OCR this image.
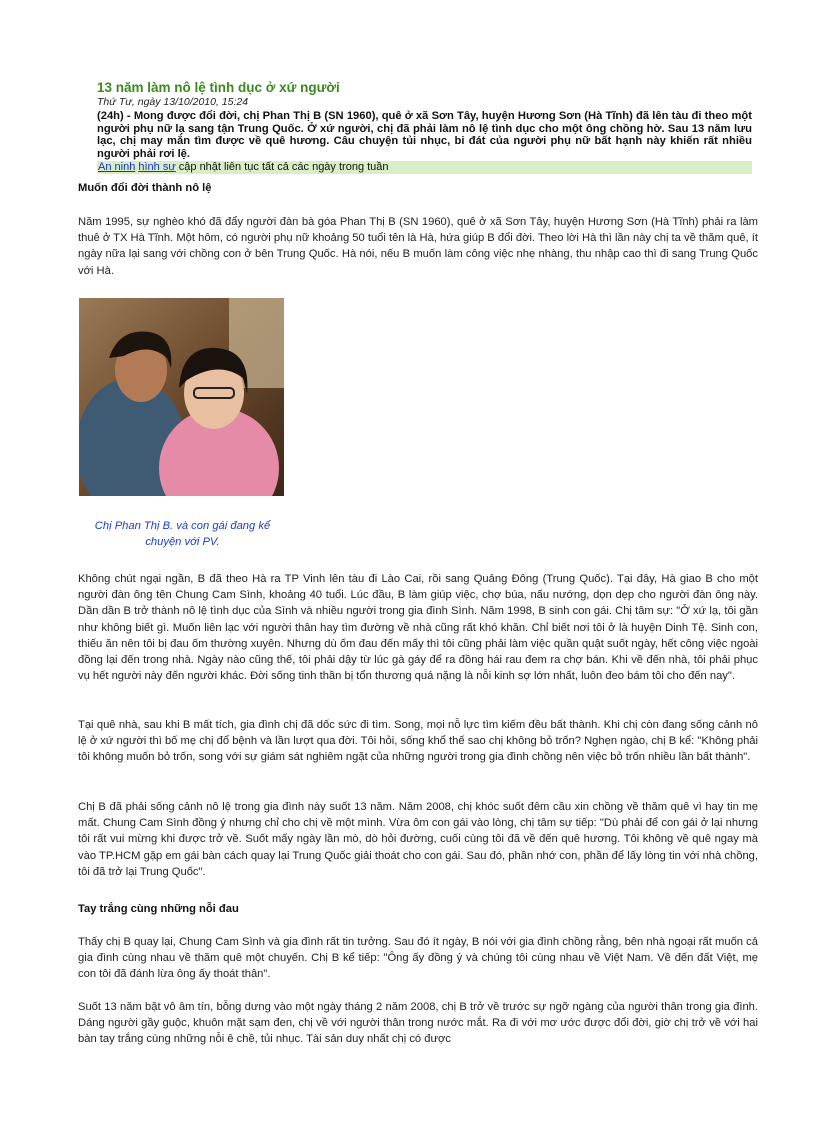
13 năm làm nô lệ tình dục ở xứ người
Thứ Tư, ngày 13/10/2010, 15:24
(24h) - Mong được đổi đời, chị Phan Thị B (SN 1960), quê ở xã Sơn Tây, huyện Hương Sơn (Hà Tĩnh) đã lên tàu đi theo một người phụ nữ lạ sang tận Trung Quốc. Ở xứ người, chị đã phải làm nô lệ tình dục cho một ông chồng hờ. Sau 13 năm lưu lạc, chị may mắn tìm được về quê hương. Câu chuyện tủi nhục, bi đát của người phụ nữ bất hạnh này khiến rất nhiều người phải rơi lệ.
An ninh hình sự cập nhật liên tục tất cả các ngày trong tuần
Muốn đổi đời thành nô lệ

Năm 1995, sự nghèo khó đã đẩy người đàn bà góa Phan Thị B (SN 1960), quê ở xã Sơn Tây, huyện Hương Sơn (Hà Tĩnh) phải ra làm thuê ở TX Hà Tĩnh. Một hôm, có người phụ nữ khoảng 50 tuổi tên là Hà, hứa giúp B đổi đời. Theo lời Hà thì lần này chị ta về thăm quê, ít ngày nữa lại sang với chồng con ở bên Trung Quốc. Hà nói, nếu B muốn làm công việc nhẹ nhàng, thu nhập cao thì đi sang Trung Quốc với Hà.

Chị Phan Thị B. và con gái đang kể chuyện với PV.

Không chút ngại ngần, B đã theo Hà ra TP Vinh lên tàu đi Lào Cai, rồi sang Quảng Đông (Trung Quốc). Tại đây, Hà giao B cho một người đàn ông tên Chung Cam Sình, khoảng 40 tuổi. Lúc đầu, B làm giúp việc, chợ búa, nấu nướng, dọn dẹp cho người đàn ông này. Dần dần B trở thành nô lệ tình dục của Sình và nhiều người trong gia đình Sình. Năm 1998, B sinh con gái. Chị tâm sự: "Ở xứ lạ, tôi gần như không biết gì. Muốn liên lạc với người thân hay tìm đường về nhà cũng rất khó khăn. Chỉ biết nơi tôi ở là huyện Dinh Tệ. Sinh con, thiếu ăn nên tôi bị đau ốm thường xuyên. Nhưng dù ốm đau đến mấy thì tôi cũng phải làm việc quần quật suốt ngày, hết công việc ngoài đồng lại đến trong nhà. Ngày nào cũng thế, tôi phải dậy từ lúc gà gáy để ra đồng hái rau đem ra chợ bán. Khi về đến nhà, tôi phải phục vụ hết người này đến người khác. Đời sống tinh thần bị tổn thương quá nặng là nỗi kinh sợ lớn nhất, luôn đeo bám tôi cho đến nay".

Tại quê nhà, sau khi B mất tích, gia đình chị đã dốc sức đi tìm. Song, mọi nỗ lực tìm kiếm đều bất thành. Khi chị còn đang sống cảnh nô lệ ở xứ người thì bố mẹ chị đổ bệnh và lần lượt qua đời. Tôi hỏi, sống khổ thế sao chị không bỏ trốn? Nghẹn ngào, chị B kể: "Không phải tôi không muốn bỏ trốn, song với sự giám sát nghiêm ngặt của những người trong gia đình chồng nên việc bỏ trốn nhiều lần bất thành".

Chị B đã phải sống cảnh nô lệ trong gia đình này suốt 13 năm. Năm 2008, chị khóc suốt đêm cầu xin chồng về thăm quê vì hay tin mẹ mất. Chung Cam Sình đồng ý nhưng chỉ cho chị về một mình. Vừa ôm con gái vào lòng, chị tâm sự tiếp: "Dù phải để con gái ở lại nhưng tôi rất vui mừng khi được trở về. Suốt mấy ngày lần mò, dò hỏi đường, cuối cùng tôi đã về đến quê hương. Tôi không về quê ngay mà vào TP.HCM gặp em gái bàn cách quay lại Trung Quốc giải thoát cho con gái. Sau đó, phần nhớ con, phần để lấy lòng tin với nhà chồng, tôi đã trở lại Trung Quốc".

Tay trắng cùng những nỗi đau

Thấy chị B quay lại, Chung Cam Sình và gia đình rất tin tưởng. Sau đó ít ngày, B nói với gia đình chồng rằng, bên nhà ngoại rất muốn cả gia đình cùng nhau về thăm quê một chuyến. Chị B kể tiếp: "Ông ấy đồng ý và chúng tôi cùng nhau về Việt Nam. Về đến đất Việt, mẹ con tôi đã đánh lừa ông ấy thoát thân".

Suốt 13 năm bặt vô âm tín, bỗng dưng vào một ngày tháng 2 năm 2008, chị B trở về trước sự ngỡ ngàng của người thân trong gia đình. Dáng người gầy guộc, khuôn mặt sạm đen, chị về với người thân trong nước mắt. Ra đi với mơ ước được đổi đời, giờ chị trở về với hai bàn tay trắng cùng những nỗi ê chề, tủi nhục. Tài sản duy nhất chị có được
